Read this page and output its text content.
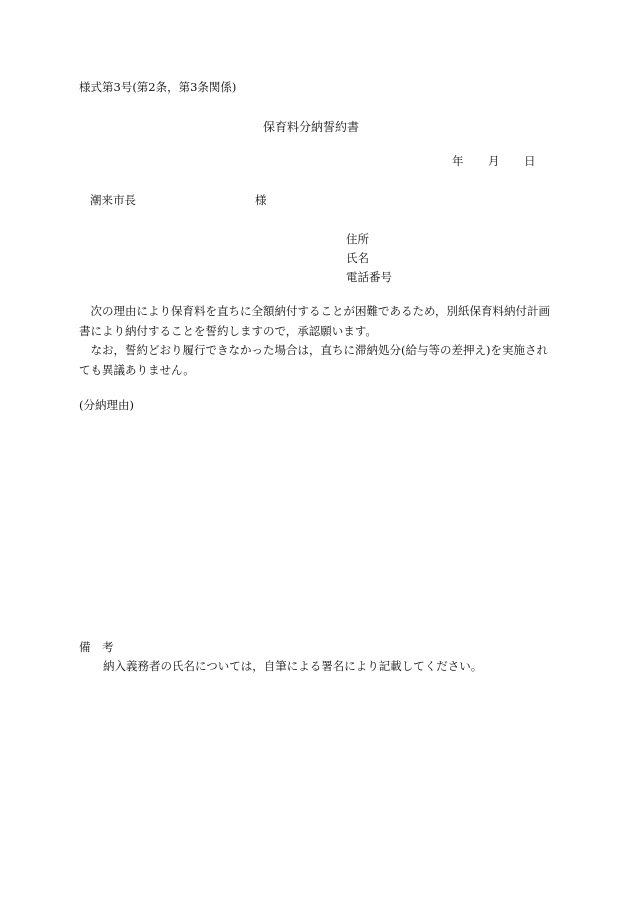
様式第3号(第2条，第3条関係)
保育料分納誓約書
年 月 日
潮来市長	様
住所
氏名
電話番号

次の理由により保育料を直ちに全額納付することが困難であるため，別紙保育料納付計画書により納付することを誓約しますので，承認願います。

なお，誓約どおり履行できなかった場合は，直ちに滞納処分(給与等の差押え)を実施されても異議ありません。

(分納理由)
備　考
納入義務者の氏名については，自筆による署名により記載してください。
